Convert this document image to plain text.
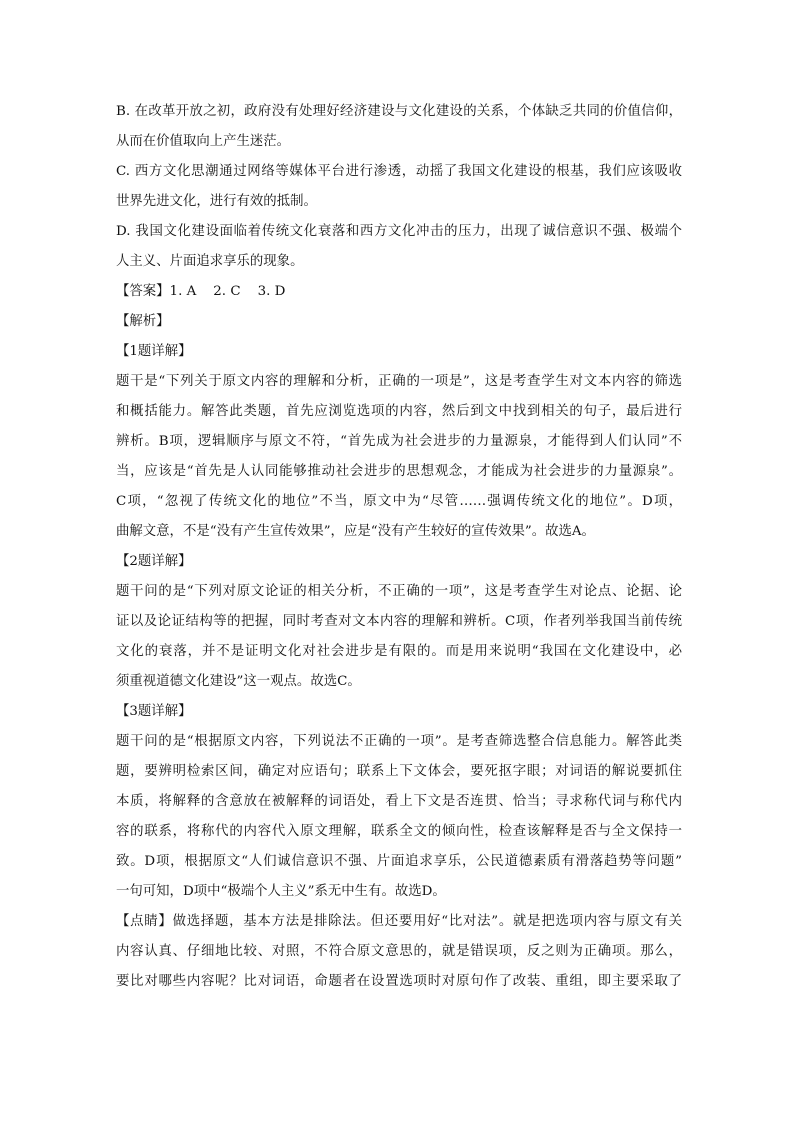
B. 在改革开放之初，政府没有处理好经济建设与文化建设的关系，个体缺乏共同的价值信仰，
从而在价值取向上产生迷茫。
C. 西方文化思潮通过网络等媒体平台进行渗透，动摇了我国文化建设的根基，我们应该吸收
世界先进文化，进行有效的抵制。
D. 我国文化建设面临着传统文化衰落和西方文化冲击的压力，出现了诚信意识不强、极端个
人主义、片面追求享乐的现象。
【答案】1. A    2. C    3. D
【解析】
【1题详解】
题干是“下列关于原文内容的理解和分析，正确的一项是”，这是考查学生对文本内容的筛选
和概括能力。解答此类题，首先应浏览选项的内容，然后到文中找到相关的句子，最后进行
辨析。B项，逻辑顺序与原文不符，“首先成为社会进步的力量源泉，才能得到人们认同”不
当，应该是“首先是人认同能够推动社会进步的思想观念，才能成为社会进步的力量源泉”。
C项，“忽视了传统文化的地位”不当，原文中为“尽管……强调传统文化的地位”。D项，
曲解文意，不是“没有产生宣传效果”，应是“没有产生较好的宣传效果”。故选A。
【2题详解】
题干问的是“下列对原文论证的相关分析，不正确的一项”，这是考查学生对论点、论据、论
证以及论证结构等的把握，同时考查对文本内容的理解和辨析。C项，作者列举我国当前传统
文化的衰落，并不是证明文化对社会进步是有限的。而是用来说明“我国在文化建设中，必
须重视道德文化建设”这一观点。故选C。
【3题详解】
题干问的是“根据原文内容，下列说法不正确的一项”。是考查筛选整合信息能力。解答此类
题，要辨明检索区间，确定对应语句；联系上下文体会，要死抠字眼；对词语的解说要抓住
本质，将解释的含意放在被解释的词语处，看上下文是否连贯、恰当；寻求称代词与称代内
容的联系，将称代的内容代入原文理解，联系全文的倾向性，检查该解释是否与全文保持一
致。D项，根据原文“人们诚信意识不强、片面追求享乐，公民道德素质有滑落趋势等问题”
一句可知，D项中“极端个人主义”系无中生有。故选D。
【点睛】做选择题，基本方法是排除法。但还要用好“比对法”。就是把选项内容与原文有关
内容认真、仔细地比较、对照，不符合原文意思的，就是错误项，反之则为正确项。那么，
要比对哪些内容呢？比对词语，命题者在设置选项时对原句作了改装、重组，即主要采取了
